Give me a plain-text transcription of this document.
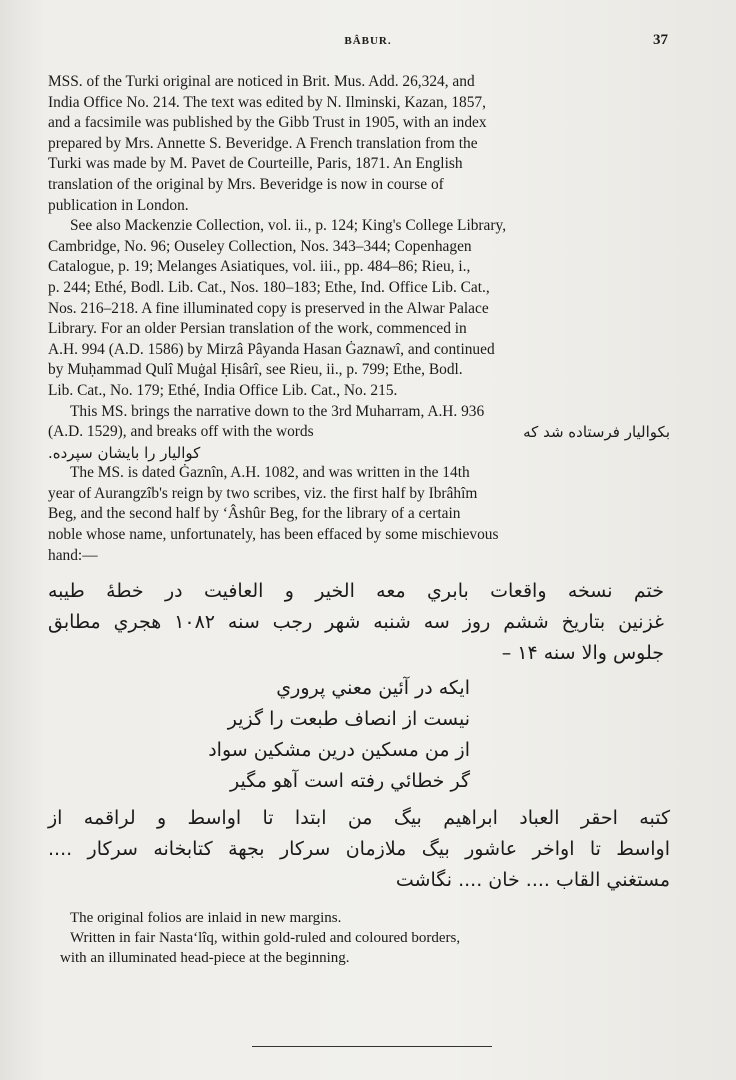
BÂBUR.	37

MSS. of the Turki original are noticed in Brit. Mus. Add. 26,324, and
India Office No. 214. The text was edited by N. Ilminski, Kazan, 1857,
and a facsimile was published by the Gibb Trust in 1905, with an index
prepared by Mrs. Annette S. Beveridge. A French translation from the
Turki was made by M. Pavet de Courteille, Paris, 1871. An English
translation of the original by Mrs. Beveridge is now in course of
publication in London.

See also Mackenzie Collection, vol. ii., p. 124; King's College Library,
Cambridge, No. 96; Ouseley Collection, Nos. 343–344; Copenhagen
Catalogue, p. 19; Melanges Asiatiques, vol. iii., pp. 484–86; Rieu, i.,
p. 244; Ethé, Bodl. Lib. Cat., Nos. 180–183; Ethe, Ind. Office Lib. Cat.,
Nos. 216–218. A fine illuminated copy is preserved in the Alwar Palace
Library. For an older Persian translation of the work, commenced in
A.H. 994 (A.D. 1586) by Mirzâ Pâyanda Hasan Ġaznawî, and continued
by Muḥammad Qulî Muġal Ḥisârî, see Rieu, ii., p. 799; Ethe, Bodl.
Lib. Cat., No. 179; Ethé, India Office Lib. Cat., No. 215.

This MS. brings the narrative down to the 3rd Muharram, A.H. 936
(A.D. 1529), and breaks off with the words	بکواليار فرستاده شد که
کواليار را بايشان سپرده.

The MS. is dated Ġaznîn, A.H. 1082, and was written in the 14th
year of Aurangzîb's reign by two scribes, viz. the first half by Ibrâhîm
Beg, and the second half by ‘Âshûr Beg, for the library of a certain
noble whose name, unfortunately, has been effaced by some mischievous
hand:—

ختم نسخه واقعات بابري معه الخير و العافيت در خطهٔ طيبه
غزنين بتاريخ ششم روز سه شنبه شهر رجب سنه ۱۰۸۲ هجري مطابق
جلوس والا سنه ۱۴ –
ايکه در آئين معني پروري
نيست از انصاف طبعت را گزير
از من مسکين درين مشکين سواد
گر خطائي رفته است آهو مگير
کتبه احقر العباد ابراهيم بيگ من ابتدا تا اواسط و لراقمه از
اواسط تا اواخر عاشور بيگ ملازمان سرکار بجهة کتابخانه سرکار ....
مستغني القاب .... خان .... نگاشت
The original folios are inlaid in new margins.
Written in fair Nasta‘lîq, within gold-ruled and coloured borders,
with an illuminated head-piece at the beginning.
